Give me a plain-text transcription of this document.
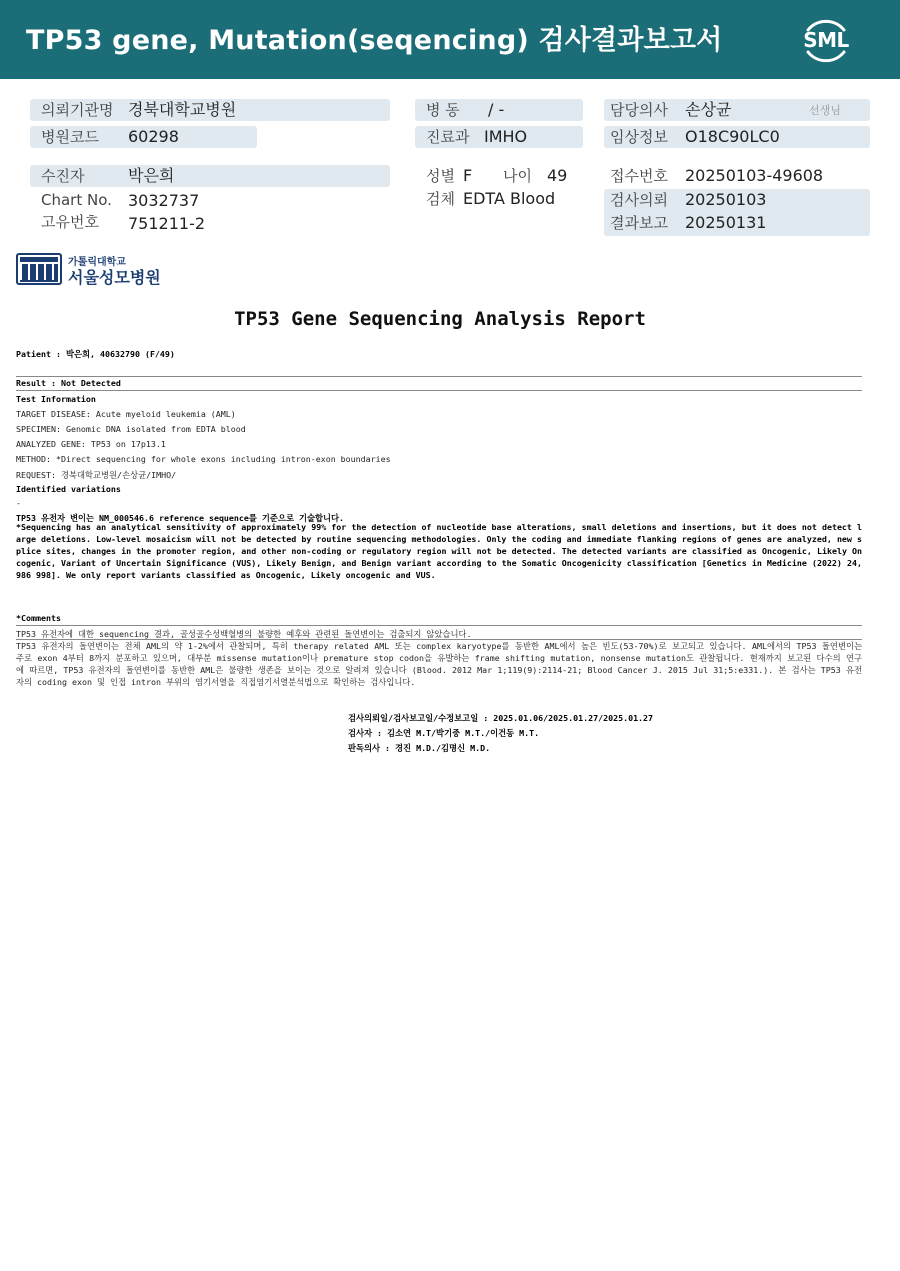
TP53 gene, Mutation(seqencing) 검사결과보고서	SML
의뢰기관명 경북대학교병원
병원코드 60298
병 동 / -
진료과 IMHO
담당의사 손상균	선생님
임상정보 O18C90LC0
수진자	박은희
Chart No. 3032737
고유번호 751211-2
성별 F 나이 49
검체 EDTA Blood
접수번호 20250103-49608
검사의뢰 20250103
결과보고 20250131
가톨릭대학교
서울성모병원
TP53 Gene Sequencing Analysis Report
Patient : 박은희, 40632790 (F/49)
Result : Not Detected
Test Information
TARGET DISEASE: Acute myeloid leukemia (AML)
SPECIMEN: Genomic DNA isolated from EDTA blood
ANALYZED GENE: TP53 on 17p13.1
METHOD: *Direct sequencing for whole exons including intron-exon boundaries
REQUEST: 경북대학교병원/손상균/IMHO/
Identified variations
-
TP53 유전자 변이는 NM_000546.6 reference sequence를 기준으로 기술합니다.
*Sequencing has an analytical sensitivity of approximately 99% for the detection of nucleotide base alterations, small deletions and insertions, but it does not detect large deletions. Low-level mosaicism will not be detected by routine sequencing methodologies. Only the coding and immediate flanking regions of genes are analyzed, new splice sites, changes in the promoter region, and other non-coding or regulatory region will not be detected. The detected variants are classified as Oncogenic, Likely Oncogenic, Variant of Uncertain Significance (VUS), Likely Benign, and Benign variant according to the Somatic Oncogenicity classification [Genetics in Medicine (2022) 24, 986 998]. We only report variants classified as Oncogenic, Likely oncogenic and VUS.
*Comments
TP53 유전자에 대한 sequencing 결과, 골성골수성백혈병의 불량한 예후와 관련된 돌연변이는 검출되지 않았습니다.
TP53 유전자의 돌연변이는 전체 AML의 약 1-2%에서 관찰되며, 특히 therapy related AML 또는 complex karyotype를 동반한 AML에서 높은 빈도(53-70%)로 보고되고 있습니다. AML에서의 TP53 돌연변이는 주로 exon 4부터 8까지 분포하고 있으며, 대부분 missense mutation이나 premature stop codon을 유발하는 frame shifting mutation, nonsense mutation도 관찰됩니다. 현재까지 보고된 다수의 연구에 따르면, TP53 유전자의 돌연변이를 동반한 AML은 불량한 생존을 보이는 것으로 알려져 있습니다 (Blood. 2012 Mar 1;119(9):2114-21; Blood Cancer J. 2015 Jul 31;5:e331.). 본 검사는 TP53 유전자의 coding exon 및 인접 intron 부위의 염기서열을 직접염기서열분석법으로 확인하는 검사입니다.
검사의뢰일/검사보고일/수정보고일 : 2025.01.06/2025.01.27/2025.01.27
검사자 : 김소연 M.T/박기중 M.T./이건동 M.T.
판독의사 : 경진 M.D./김명신 M.D.
